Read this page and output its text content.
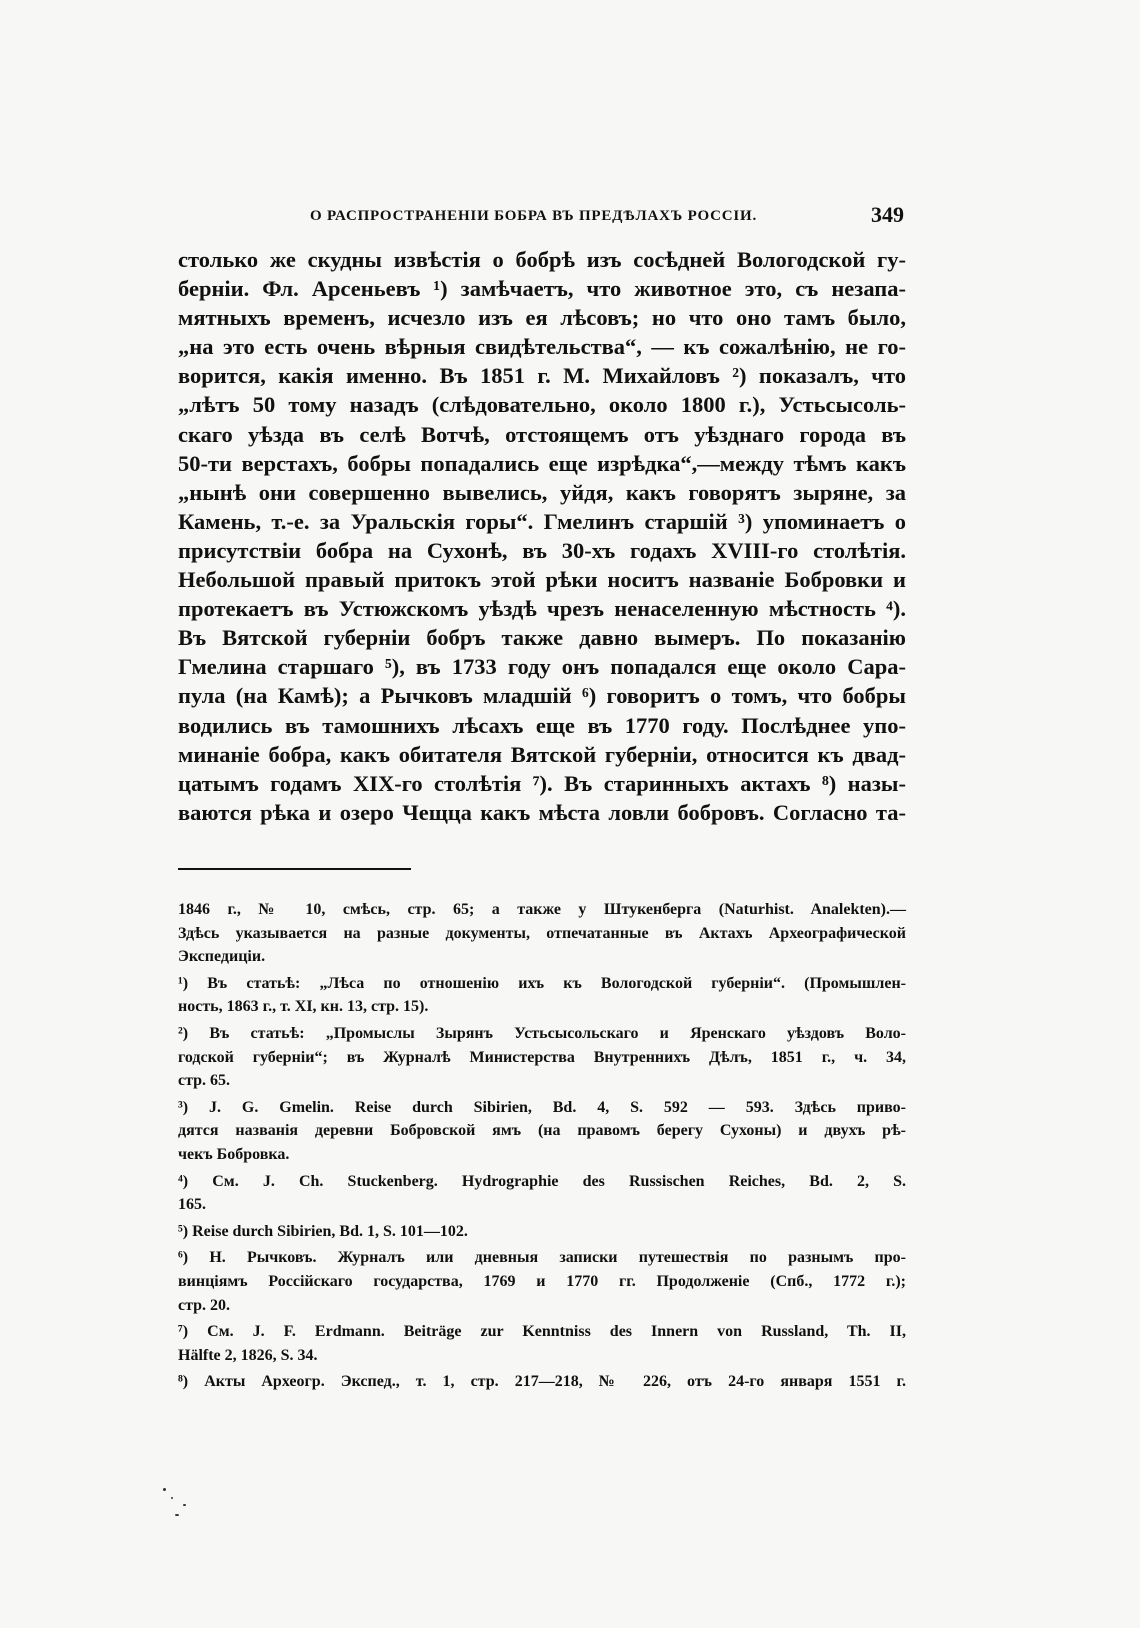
О РАСПРОСТРАНЕНІИ БОБРА ВЪ ПРЕДѢЛАХЪ РОССІИ.	349
столько же скудны извѣстія о бобрѣ изъ сосѣдней Вологодской гу-
берніи. Фл. Арсеньевъ ¹) замѣчаетъ, что животное это, съ незапа-
мятныхъ временъ, исчезло изъ ея лѣсовъ; но что оно тамъ было,
„на это есть очень вѣрныя свидѣтельства“, — къ сожалѣнію, не го-
ворится, какія именно. Въ 1851 г. М. Михайловъ ²) показалъ, что
„лѣтъ 50 тому назадъ (слѣдовательно, около 1800 г.), Устьсысоль-
скаго уѣзда въ селѣ Вотчѣ, отстоящемъ отъ уѣзднаго города въ
50-ти верстахъ, бобры попадались еще изрѣдка“,—между тѣмъ какъ
„нынѣ они совершенно вывелись, уйдя, какъ говорятъ зыряне, за
Камень, т.-е. за Уральскія горы“. Гмелинъ старшій ³) упоминаетъ о
присутствіи бобра на Сухонѣ, въ 30-хъ годахъ XVIII-го столѣтія.
Небольшой правый притокъ этой рѣки носитъ названіе Бобровки и
протекаетъ въ Устюжскомъ уѣздѣ чрезъ ненаселенную мѣстность ⁴).
Въ Вятской губерніи бобръ также давно вымеръ. По показанію
Гмелина старшаго ⁵), въ 1733 году онъ попадался еще около Сара-
пула (на Камѣ); а Рычковъ младшій ⁶) говоритъ о томъ, что бобры
водились въ тамошнихъ лѣсахъ еще въ 1770 году. Послѣднее упо-
минаніе бобра, какъ обитателя Вятской губерніи, относится къ двад-
цатымъ годамъ XIX-го столѣтія ⁷). Въ старинныхъ актахъ ⁸) назы-
ваются рѣка и озеро Чещца какъ мѣста ловли бобровъ. Согласно та-
1846 г., № 10, смѣсь, стр. 65; а также у Штукенберга (Naturhist. Analekten).—
Здѣсь указывается на разные документы, отпечатанные въ Актахъ Археографической
Экспедиціи.
¹) Въ статьѣ: „Лѣса по отношенію ихъ къ Вологодской губерніи“. (Промышлен-
ность, 1863 г., т. XI, кн. 13, стр. 15).
²) Въ статьѣ: „Промыслы Зырянъ Устьсысольскаго и Яренскаго уѣздовъ Воло-
годской губерніи“; въ Журналѣ Министерства Внутреннихъ Дѣлъ, 1851 г., ч. 34,
стр. 65.
³) J. G. Gmelin. Reise durch Sibirien, Bd. 4, S. 592 — 593. Здѣсь приво-
дятся названія деревни Бобровской ямъ (на правомъ берегу Сухоны) и двухъ рѣ-
чекъ Бобровка.
⁴) См. J. Ch. Stuckenberg. Hydrographie des Russischen Reiches, Bd. 2, S.
165.
⁵) Reise durch Sibirien, Bd. 1, S. 101—102.
⁶) Н. Рычковъ. Журналъ или дневныя записки путешествія по разнымъ про-
винціямъ Россійскаго государства, 1769 и 1770 гг. Продолженіе (Спб., 1772 г.);
стр. 20.
⁷) См. J. F. Erdmann. Beiträge zur Kenntniss des Innern von Russland, Th. II,
Hälfte 2, 1826, S. 34.
⁸) Акты Археогр. Экспед., т. 1, стр. 217—218, № 226, отъ 24-го января 1551 г.
